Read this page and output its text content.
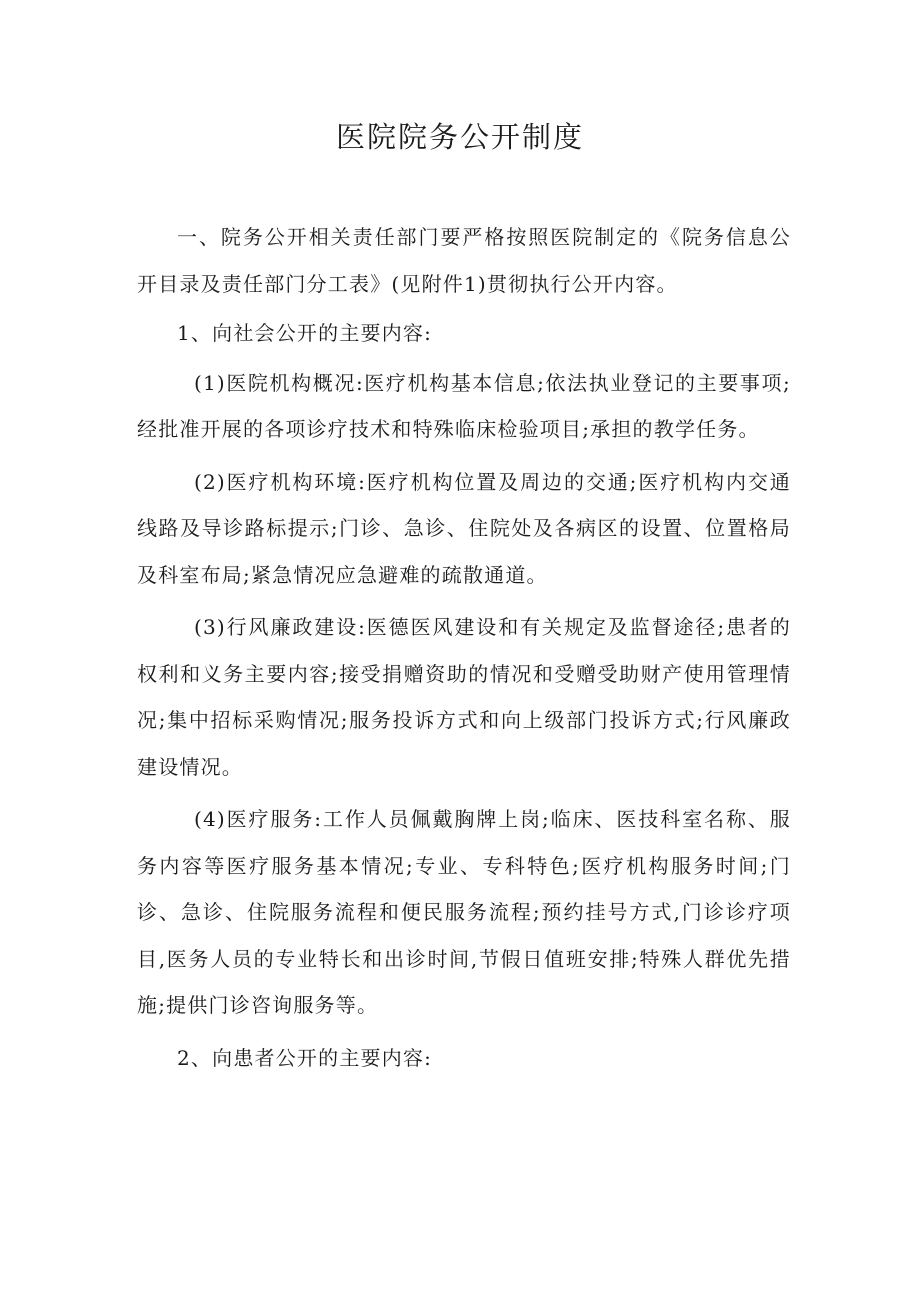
医院院务公开制度

一、院务公开相关责任部门要严格按照医院制定的《院务信息公开目录及责任部门分工表》(见附件1)贯彻执行公开内容。

1、向社会公开的主要内容:

(1)医院机构概况:医疗机构基本信息;依法执业登记的主要事项;经批准开展的各项诊疗技术和特殊临床检验项目;承担的教学任务。

(2)医疗机构环境:医疗机构位置及周边的交通;医疗机构内交通线路及导诊路标提示;门诊、急诊、住院处及各病区的设置、位置格局及科室布局;紧急情况应急避难的疏散通道。

(3)行风廉政建设:医德医风建设和有关规定及监督途径;患者的权利和义务主要内容;接受捐赠资助的情况和受赠受助财产使用管理情况;集中招标采购情况;服务投诉方式和向上级部门投诉方式;行风廉政建设情况。

(4)医疗服务:工作人员佩戴胸牌上岗;临床、医技科室名称、服务内容等医疗服务基本情况;专业、专科特色;医疗机构服务时间;门诊、急诊、住院服务流程和便民服务流程;预约挂号方式,门诊诊疗项目,医务人员的专业特长和出诊时间,节假日值班安排;特殊人群优先措施;提供门诊咨询服务等。

2、向患者公开的主要内容:
